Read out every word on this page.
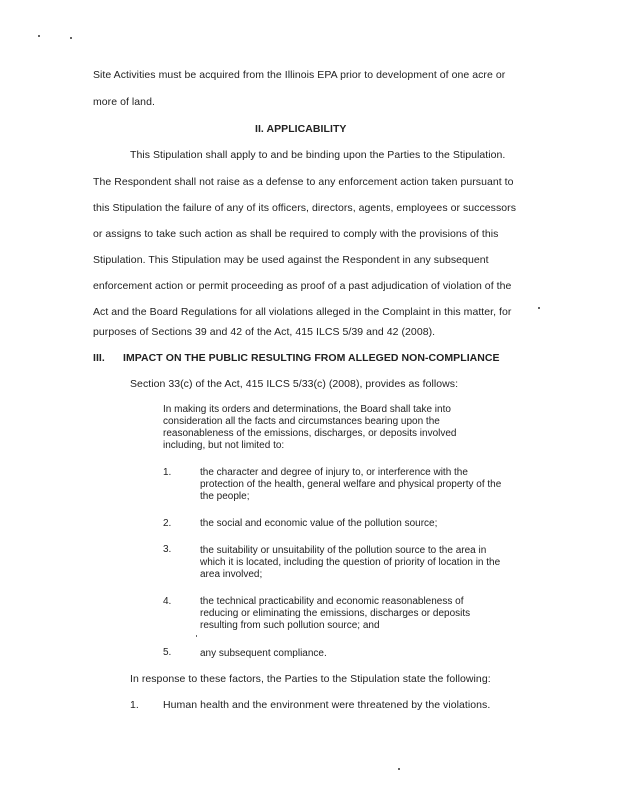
Site Activities must be acquired from the Illinois EPA prior to development of one acre or
more of land.
II. APPLICABILITY
This Stipulation shall apply to and be binding upon the Parties to the Stipulation.
The Respondent shall not raise as a defense to any enforcement action taken pursuant to
this Stipulation the failure of any of its officers, directors, agents, employees or successors
or assigns to take such action as shall be required to comply with the provisions of this
Stipulation. This Stipulation may be used against the Respondent in any subsequent
enforcement action or permit proceeding as proof of a past adjudication of violation of the
Act and the Board Regulations for all violations alleged in the Complaint in this matter, for
purposes of Sections 39 and 42 of the Act, 415 ILCS 5/39 and 42 (2008).
III. IMPACT ON THE PUBLIC RESULTING FROM ALLEGED NON-COMPLIANCE
Section 33(c) of the Act, 415 ILCS 5/33(c) (2008), provides as follows:
In making its orders and determinations, the Board shall take into
consideration all the facts and circumstances bearing upon the
reasonableness of the emissions, discharges, or deposits involved
including, but not limited to:
1.	the character and degree of injury to, or interference with the
protection of the health, general welfare and physical property of the
the people;
2.	the social and economic value of the pollution source;
3.	the suitability or unsuitability of the pollution source to the area in
which it is located, including the question of priority of location in the
area involved;
4.	the technical practicability and economic reasonableness of
reducing or eliminating the emissions, discharges or deposits
resulting from such pollution source; and
5.	any subsequent compliance.
In response to these factors, the Parties to the Stipulation state the following:
1. Human health and the environment were threatened by the violations.
